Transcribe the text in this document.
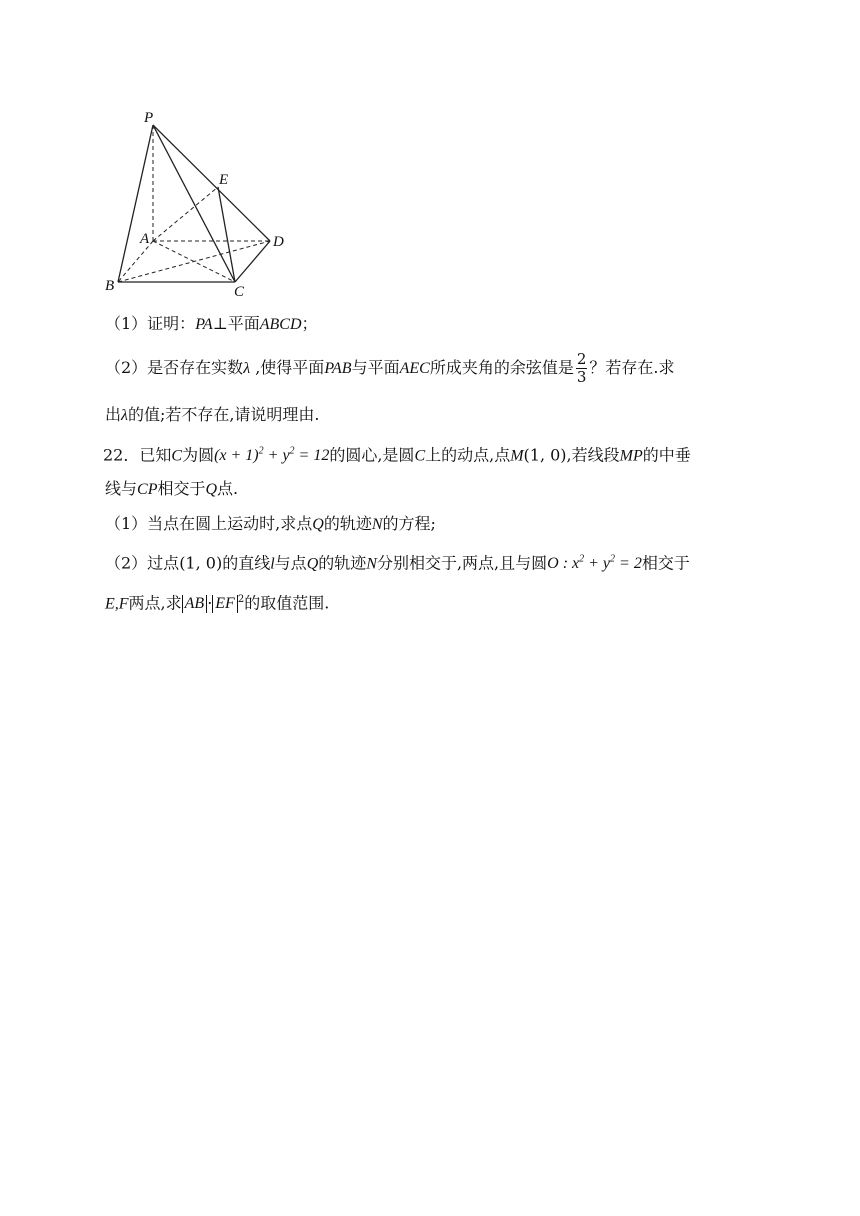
P
E
A	D
B	C
（1）证明：PA⊥平面ABCD；
（2）是否存在实数λ ,使得平面PAB与平面AEC所成夹角的余弦值是 $\frac{2}{3}$ ？若存在.求
出λ的值;若不存在,请说明理由.
22．已知C为圆$(x + 1)^2 + y^2 = 12$的圆心,是圆C上的动点,点M(1, 0),若线段MP的中垂
线与CP相交于Q点.
（1）当点在圆上运动时,求点Q的轨迹N的方程;
（2）过点(1, 0)的直线l与点Q的轨迹N分别相交于,两点,且与圆O : $x^2 + y^2 = 2$相交于
E,F两点,求 AB · EF $^2$的取值范围.
